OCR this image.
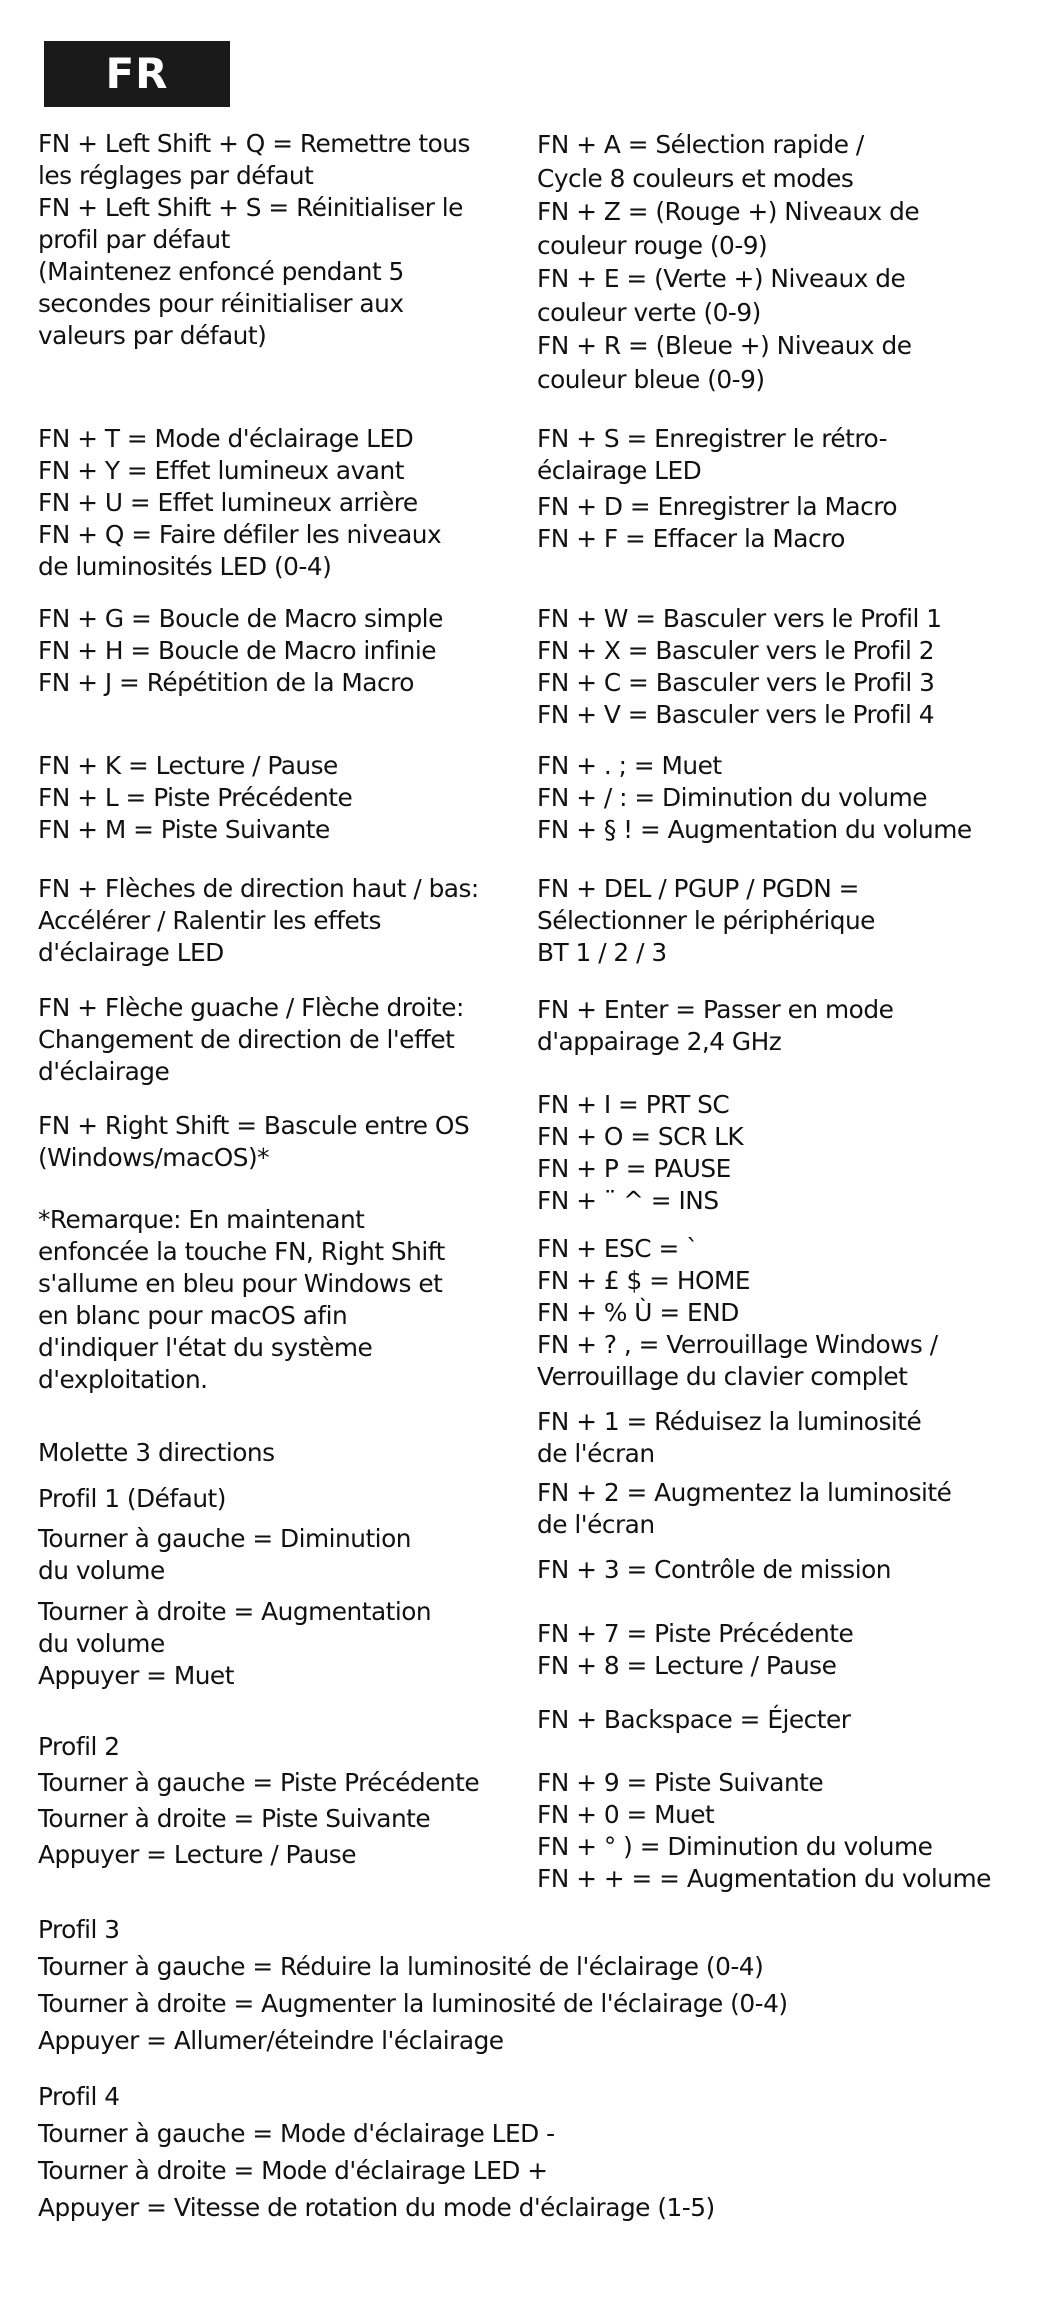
FR
FN + Left Shift + Q = Remettre tous
les réglages par défaut
FN + Left Shift + S = Réinitialiser le
profil par défaut
(Maintenez enfoncé pendant 5
secondes pour réinitialiser aux
valeurs par défaut)
FN + T = Mode d'éclairage LED
FN + Y = Effet lumineux avant
FN + U = Effet lumineux arrière
FN + Q = Faire défiler les niveaux
de luminosités LED (0-4)
FN + G = Boucle de Macro simple
FN + H = Boucle de Macro infinie
FN + J = Répétition de la Macro
FN + K = Lecture / Pause
FN + L = Piste Précédente
FN + M = Piste Suivante
FN + Flèches de direction haut / bas:
Accélérer / Ralentir les effets
d'éclairage LED
FN + Flèche guache / Flèche droite:
Changement de direction de l'effet
d'éclairage
FN + Right Shift = Bascule entre OS
(Windows/macOS)*
*Remarque: En maintenant
enfoncée la touche FN, Right Shift
s'allume en bleu pour Windows et
en blanc pour macOS afin
d'indiquer l'état du système
d'exploitation.
Molette 3 directions
Profil 1 (Défaut)
Tourner à gauche = Diminution
du volume
Tourner à droite = Augmentation
du volume
Appuyer = Muet
Profil 2
Tourner à gauche = Piste Précédente
Tourner à droite = Piste Suivante
Appuyer = Lecture / Pause
FN + A = Sélection rapide /
Cycle 8 couleurs et modes
FN + Z = (Rouge +) Niveaux de
couleur rouge (0-9)
FN + E = (Verte +) Niveaux de
couleur verte (0-9)
FN + R = (Bleue +) Niveaux de
couleur bleue (0-9)
FN + S = Enregistrer le rétro-
éclairage LED
FN + D = Enregistrer la Macro
FN + F = Effacer la Macro
FN + W = Basculer vers le Profil 1
FN + X = Basculer vers le Profil 2
FN + C = Basculer vers le Profil 3
FN + V = Basculer vers le Profil 4
FN + . ; = Muet
FN + / : = Diminution du volume
FN + § ! = Augmentation du volume
FN + DEL / PGUP / PGDN =
Sélectionner le périphérique
BT 1 / 2 / 3
FN + Enter = Passer en mode
d'appairage 2,4 GHz
FN + I = PRT SC
FN + O = SCR LK
FN + P = PAUSE
FN + ¨ ^ = INS
FN + ESC = `
FN + £ $ = HOME
FN + % Ù = END
FN + ? , = Verrouillage Windows /
Verrouillage du clavier complet
FN + 1 = Réduisez la luminosité
de l'écran
FN + 2 = Augmentez la luminosité
de l'écran
FN + 3 = Contrôle de mission
FN + 7 = Piste Précédente
FN + 8 = Lecture / Pause
FN + Backspace = Éjecter
FN + 9 = Piste Suivante
FN + 0 = Muet
FN + ° ) = Diminution du volume
FN + + = = Augmentation du volume
Profil 3
Tourner à gauche = Réduire la luminosité de l'éclairage (0-4)
Tourner à droite = Augmenter la luminosité de l'éclairage (0-4)
Appuyer = Allumer/éteindre l'éclairage
Profil 4
Tourner à gauche = Mode d'éclairage LED -
Tourner à droite = Mode d'éclairage LED +
Appuyer = Vitesse de rotation du mode d'éclairage (1-5)
